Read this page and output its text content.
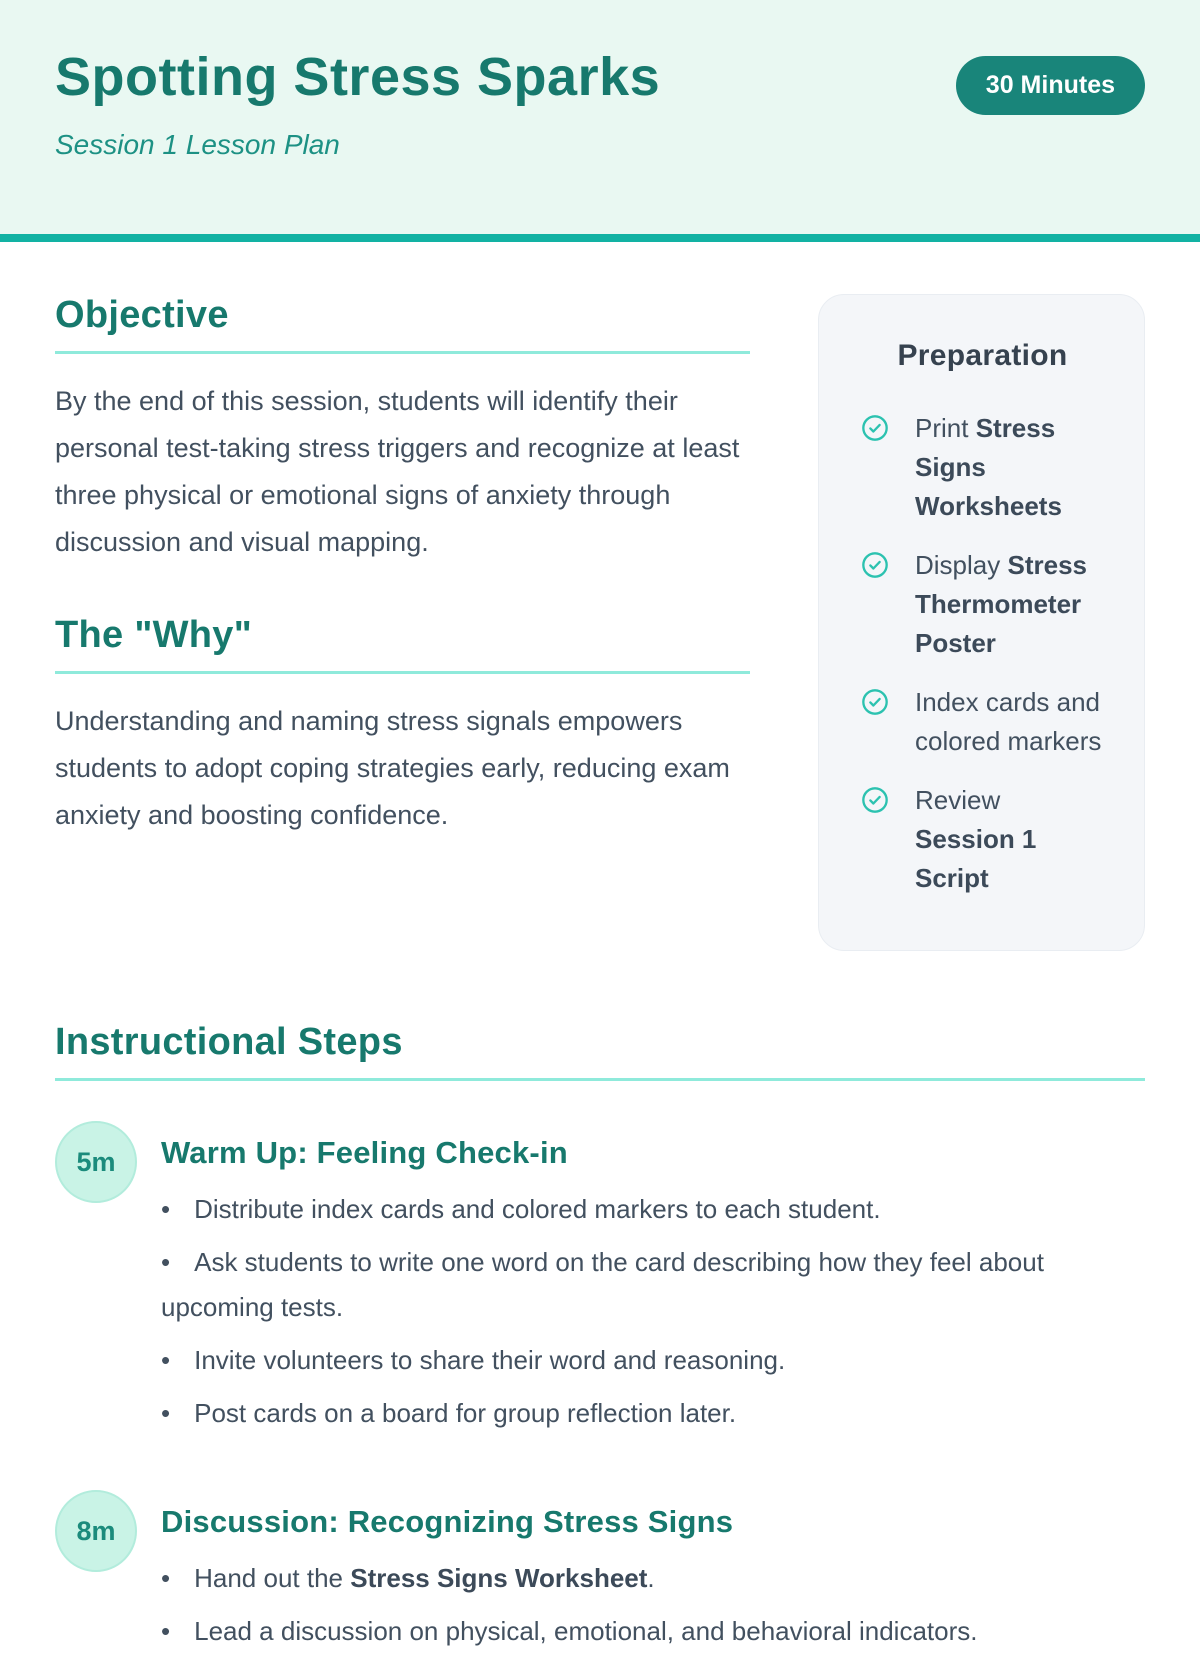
Spotting Stress Sparks
Session 1 Lesson Plan
30 Minutes
Objective

By the end of this session, students will identify their personal test-taking stress triggers and recognize at least three physical or emotional signs of anxiety through discussion and visual mapping.

The "Why"

Understanding and naming stress signals empowers students to adopt coping strategies early, reducing exam anxiety and boosting confidence.

Preparation
Print Stress Signs Worksheets
Display Stress Thermometer Poster
Index cards and colored markers
Review Session 1 Script
Instructional Steps
5m	Warm Up: Feeling Check-in
• Distribute index cards and colored markers to each student.
• Ask students to write one word on the card describing how they feel about upcoming tests.
• Invite volunteers to share their word and reasoning.
• Post cards on a board for group reflection later.
8m	Discussion: Recognizing Stress Signs
• Hand out the Stress Signs Worksheet.
• Lead a discussion on physical, emotional, and behavioral indicators.
